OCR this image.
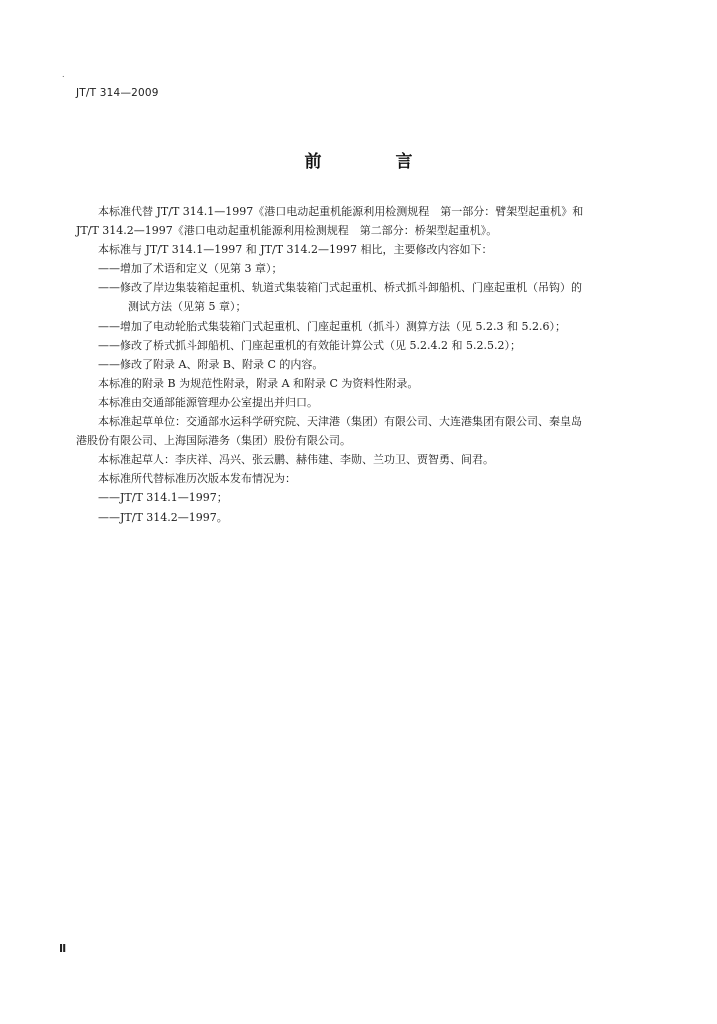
.
JT/T 314—2009
前 言

本标准代替 JT/T 314.1—1997《港口电动起重机能源利用检测规程　第一部分：臂架型起重机》和

JT/T 314.2—1997《港口电动起重机能源利用检测规程　第二部分：桥架型起重机》。

本标准与 JT/T 314.1—1997 和 JT/T 314.2—1997 相比，主要修改内容如下：

——增加了术语和定义（见第 3 章）；

——修改了岸边集装箱起重机、轨道式集装箱门式起重机、桥式抓斗卸船机、门座起重机（吊钩）的

测试方法（见第 5 章）；

——增加了电动轮胎式集装箱门式起重机、门座起重机（抓斗）测算方法（见 5.2.3 和 5.2.6）；

——修改了桥式抓斗卸船机、门座起重机的有效能计算公式（见 5.2.4.2 和 5.2.5.2）；

——修改了附录 A、附录 B、附录 C 的内容。

本标准的附录 B 为规范性附录，附录 A 和附录 C 为资料性附录。

本标准由交通部能源管理办公室提出并归口。

本标准起草单位：交通部水运科学研究院、天津港（集团）有限公司、大连港集团有限公司、秦皇岛

港股份有限公司、上海国际港务（集团）股份有限公司。

本标准起草人：李庆祥、冯兴、张云鹏、赫伟建、李勋、兰功卫、贾智勇、间君。

本标准所代替标准历次版本发布情况为：

——JT/T 314.1—1997；

——JT/T 314.2—1997。

Ⅱ
